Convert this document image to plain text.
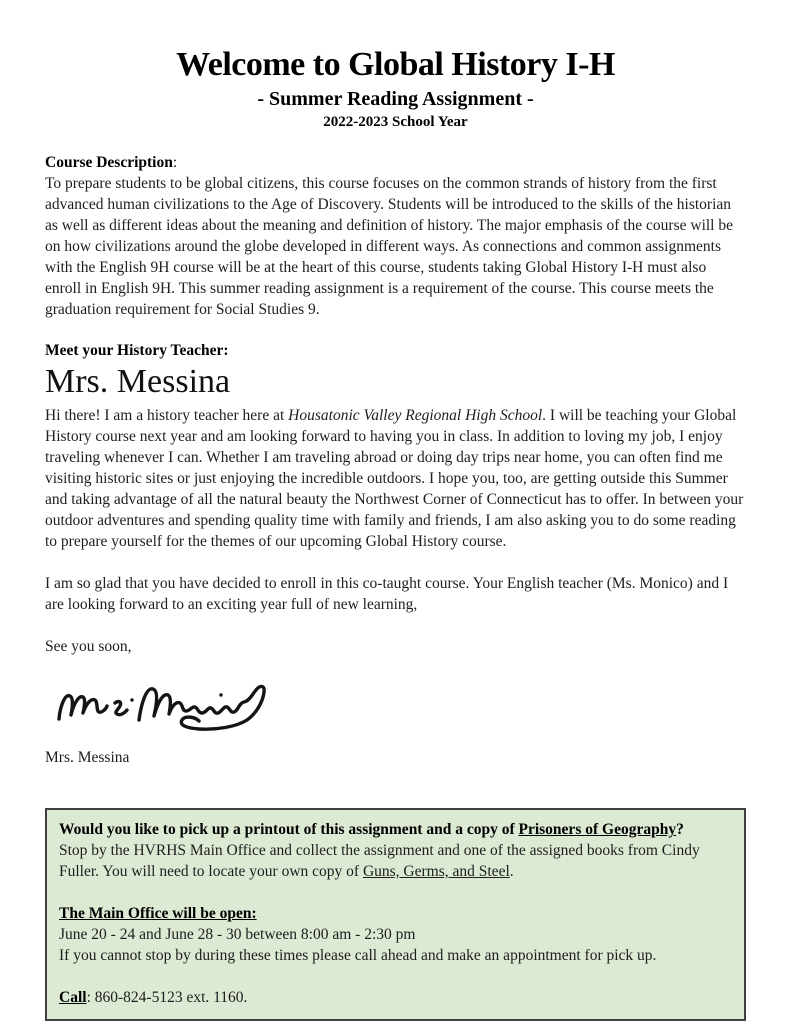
Welcome to Global History I-H
- Summer Reading Assignment -
2022-2023 School Year

Course Description:

To prepare students to be global citizens, this course focuses on the common strands of history from the first advanced human civilizations to the Age of Discovery. Students will be introduced to the skills of the historian as well as different ideas about the meaning and definition of history. The major emphasis of the course will be on how civilizations around the globe developed in different ways. As connections and common assignments with the English 9H course will be at the heart of this course, students taking Global History I-H must also enroll in English 9H. This summer reading assignment is a requirement of the course. This course meets the graduation requirement for Social Studies 9.

Meet your History Teacher:

Mrs. Messina

Hi there! I am a history teacher here at Housatonic Valley Regional High School. I will be teaching your Global History course next year and am looking forward to having you in class. In addition to loving my job, I enjoy traveling whenever I can. Whether I am traveling abroad or doing day trips near home, you can often find me visiting historic sites or just enjoying the incredible outdoors. I hope you, too, are getting outside this Summer and taking advantage of all the natural beauty the Northwest Corner of Connecticut has to offer. In between your outdoor adventures and spending quality time with family and friends, I am also asking you to do some reading to prepare yourself for the themes of our upcoming Global History course.

I am so glad that you have decided to enroll in this co-taught course. Your English teacher (Ms. Monico) and I are looking forward to an exciting year full of new learning,

See you soon,

Mrs. Messina

Would you like to pick up a printout of this assignment and a copy of Prisoners of Geography?

Stop by the HVRHS Main Office and collect the assignment and one of the assigned books from Cindy Fuller. You will need to locate your own copy of Guns, Germs, and Steel.

The Main Office will be open:

June 20 - 24 and June 28 - 30 between 8:00 am - 2:30 pm

If you cannot stop by during these times please call ahead and make an appointment for pick up.

Call: 860-824-5123 ext. 1160.
